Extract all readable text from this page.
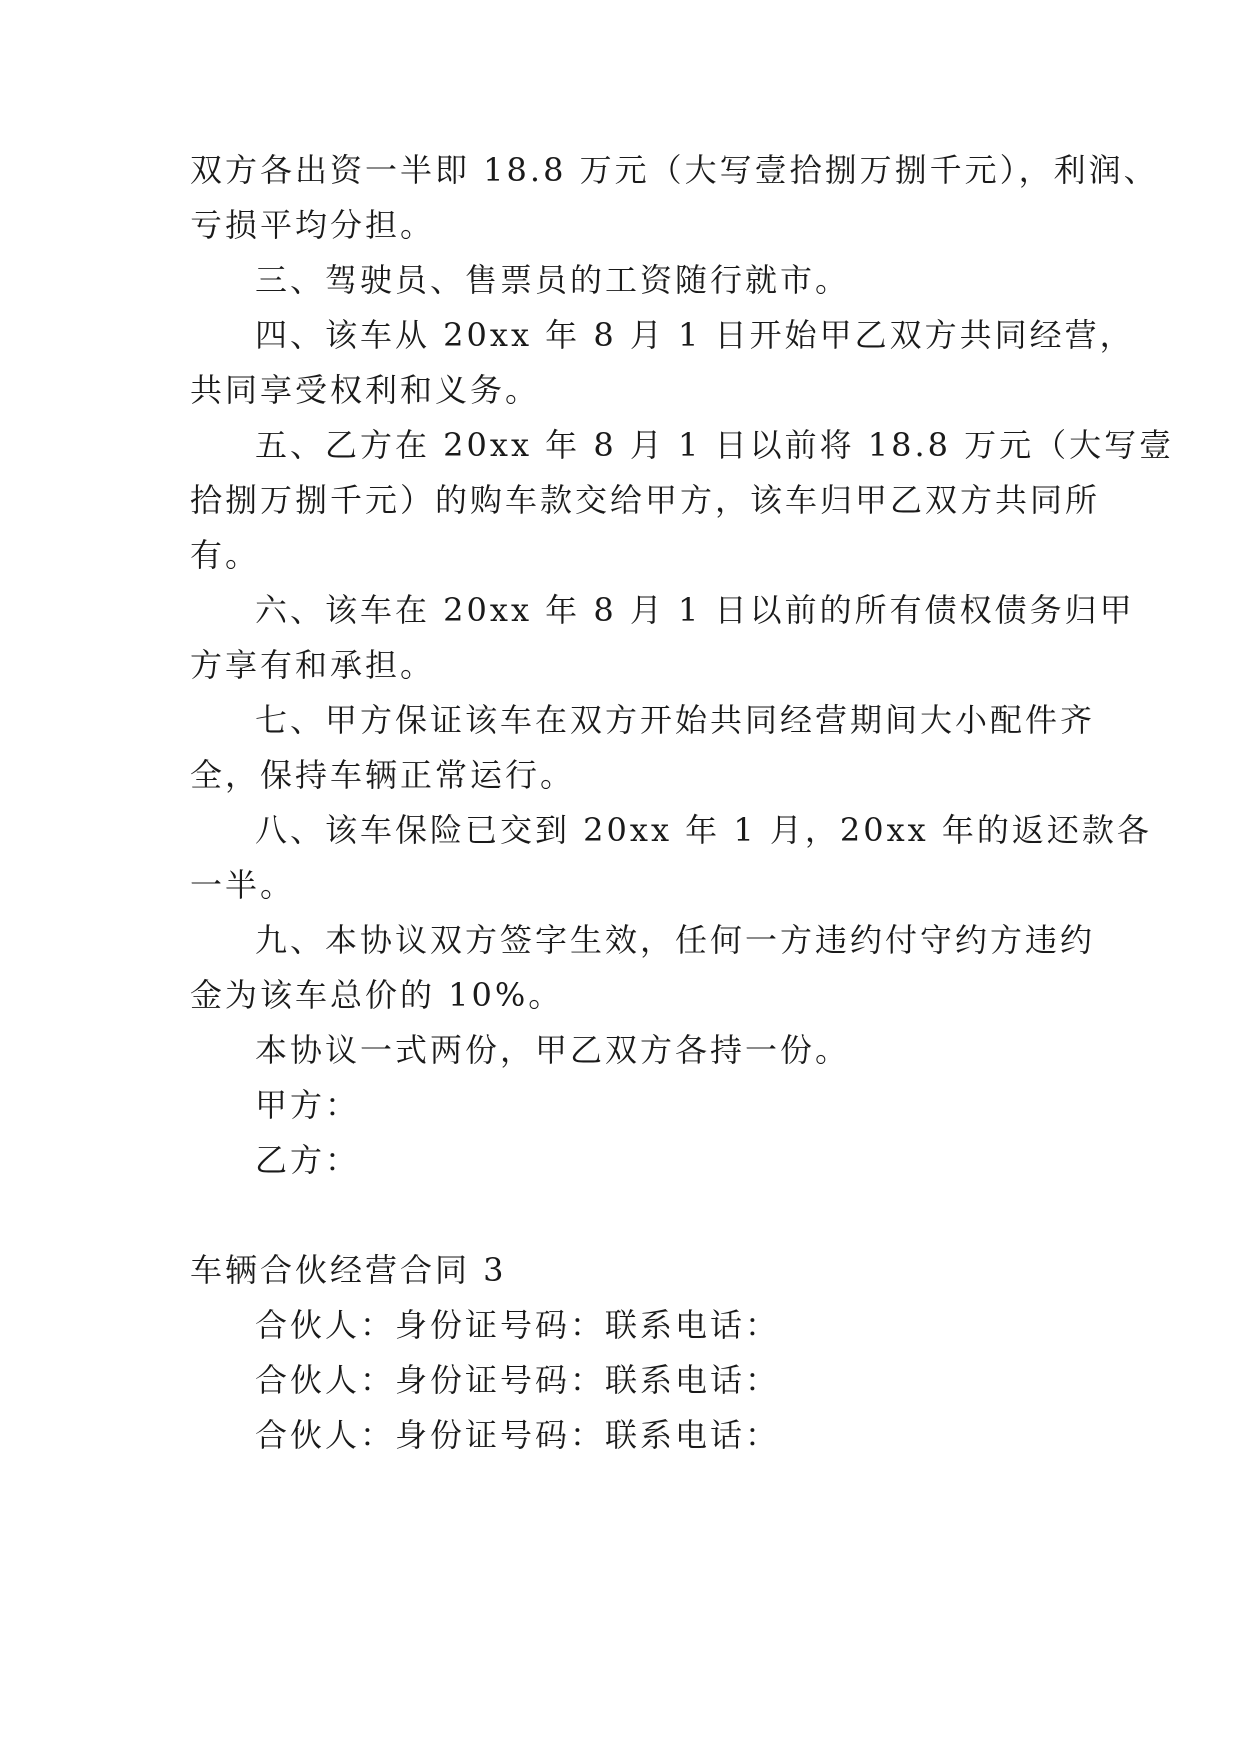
双方各出资一半即 18.8 万元（大写壹拾捌万捌千元），利润、
亏损平均分担。
三、驾驶员、售票员的工资随行就市。
四、该车从 20xx 年 8 月 1 日开始甲乙双方共同经营，
共同享受权利和义务。
五、乙方在 20xx 年 8 月 1 日以前将 18.8 万元（大写壹
拾捌万捌千元）的购车款交给甲方，该车归甲乙双方共同所
有。
六、该车在 20xx 年 8 月 1 日以前的所有债权债务归甲
方享有和承担。
七、甲方保证该车在双方开始共同经营期间大小配件齐
全，保持车辆正常运行。
八、该车保险已交到 20xx 年 1 月，20xx 年的返还款各
一半。
九、本协议双方签字生效，任何一方违约付守约方违约
金为该车总价的 10%。
本协议一式两份，甲乙双方各持一份。
甲方：
乙方：
车辆合伙经营合同 3
合伙人：身份证号码：联系电话：
合伙人：身份证号码：联系电话：
合伙人：身份证号码：联系电话：
